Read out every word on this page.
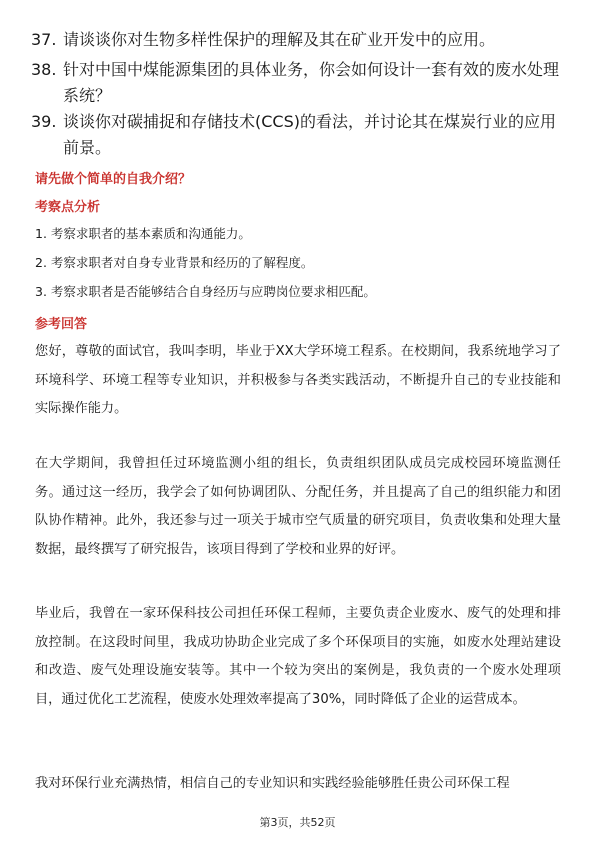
37. 请谈谈你对生物多样性保护的理解及其在矿业开发中的应用。
38. 针对中国中煤能源集团的具体业务，你会如何设计一套有效的废水处理系统？
39. 谈谈你对碳捕捉和存储技术(CCS)的看法，并讨论其在煤炭行业的应用前景。
请先做个简单的自我介绍？
考察点分析
1. 考察求职者的基本素质和沟通能力。
2. 考察求职者对自身专业背景和经历的了解程度。
3. 考察求职者是否能够结合自身经历与应聘岗位要求相匹配。
参考回答
您好，尊敬的面试官，我叫李明，毕业于XX大学环境工程系。在校期间，我系统地学习了环境科学、环境工程等专业知识，并积极参与各类实践活动，不断提升自己的专业技能和实际操作能力。
在大学期间，我曾担任过环境监测小组的组长，负责组织团队成员完成校园环境监测任务。通过这一经历，我学会了如何协调团队、分配任务，并且提高了自己的组织能力和团队协作精神。此外，我还参与过一项关于城市空气质量的研究项目，负责收集和处理大量数据，最终撰写了研究报告，该项目得到了学校和业界的好评。
毕业后，我曾在一家环保科技公司担任环保工程师，主要负责企业废水、废气的处理和排放控制。在这段时间里，我成功协助企业完成了多个环保项目的实施，如废水处理站建设和改造、废气处理设施安装等。其中一个较为突出的案例是，我负责的一个废水处理项目，通过优化工艺流程，使废水处理效率提高了30%，同时降低了企业的运营成本。
我对环保行业充满热情，相信自己的专业知识和实践经验能够胜任贵公司环保工程
第3页，共52页
